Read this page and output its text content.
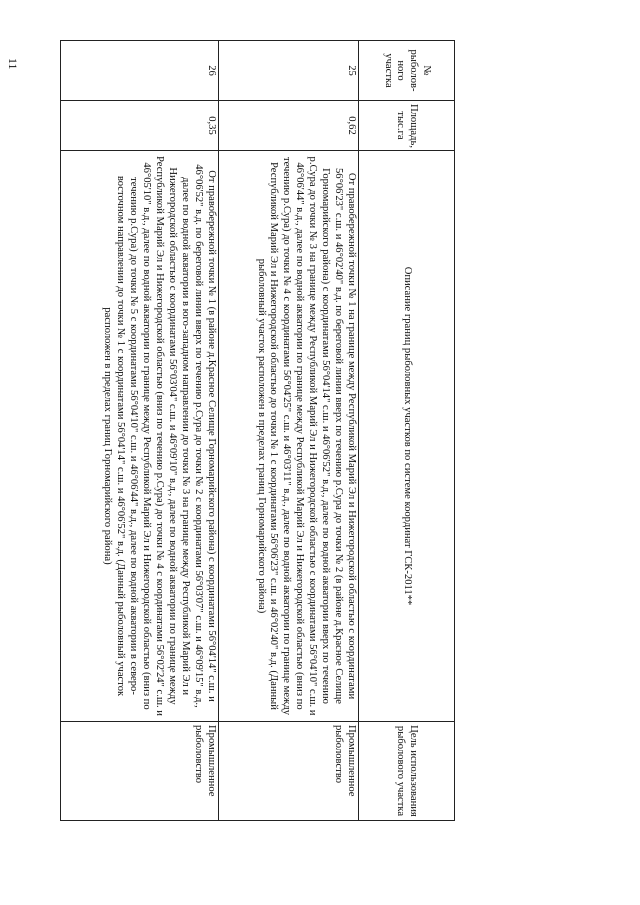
11
№ рыболов-ного участка	Площадь, тыс.га	Описание границ рыболовных участков по системе координат ГСК-2011**	Цель использования рыболового участка
25	0,62	От правобережной точки № 1 на границе между Республикой Марий Эл и Нижегородской областью с координатами 56°06'23" с.ш. и 46°02'40" в.д. по береговой линии вверх по течению р.Сура до точки № 2 (в районе д.Красное Селище Горномарийского района) с координатами 56°04'14" с.ш. и 46°06'52" в.д., далее по водной акватории вверх по течению р.Сура до точки № 3 на границе между Республикой Марий Эл и Нижегородской областью с координатами 56°04'10" с.ш. и 46°06'44" в.д., далее по водной акватории по границе между Республикой Марий Эл и Нижегородской областью (вниз по течению р.Сура) до точки № 4 с координатами 56°04'25" с.ш. и 46°03'11" в.д., далее по водной акватории по границе между Республикой Марий Эл и Нижегородской областью до точки № 1 с координатами 56°06'23" с.ш. и 46°02'40" в.д. (Данный рыболовный участок расположен в пределах границ Горномарийского района)	Промышленное рыболовство
26	0,35	От правобережной точки № 1 (в районе д.Красное Селище Горномарийского района) с координатами 56°04'14" с.ш. и 46°06'52" в.д. по береговой линии вверх по течению р.Сура до точки № 2 с координатами 56°03'07" с.ш. и 46°09'15" в.д., далее по водной акватории в юго-западном направлении до точки № 3 на границе между Республикой Марий Эл и Нижегородской областью с координатами 56°03'04" с.ш. и 46°09'10" в.д., далее по водной акватории по границе между Республикой Марий Эл и Нижегородской областью (вниз по течению р.Сура) до точки № 4 с координатами 56°02'24" с.ш. и 46°05'10" в.д., далее по водной акватории по границе между Республикой Марий Эл и Нижегородской областью (вниз по течению р.Сура) до точки № 5 с координатами 56°04'10" с.ш. и 46°06'44" в.д., далее по водной акватории в северо-восточном направлении до точки № 1 с координатами 56°04'14" с.ш. и 46°06'52" в.д. (Данный рыболовный участок расположен в пределах границ Горномарийского района)	Промышленное рыболовство
